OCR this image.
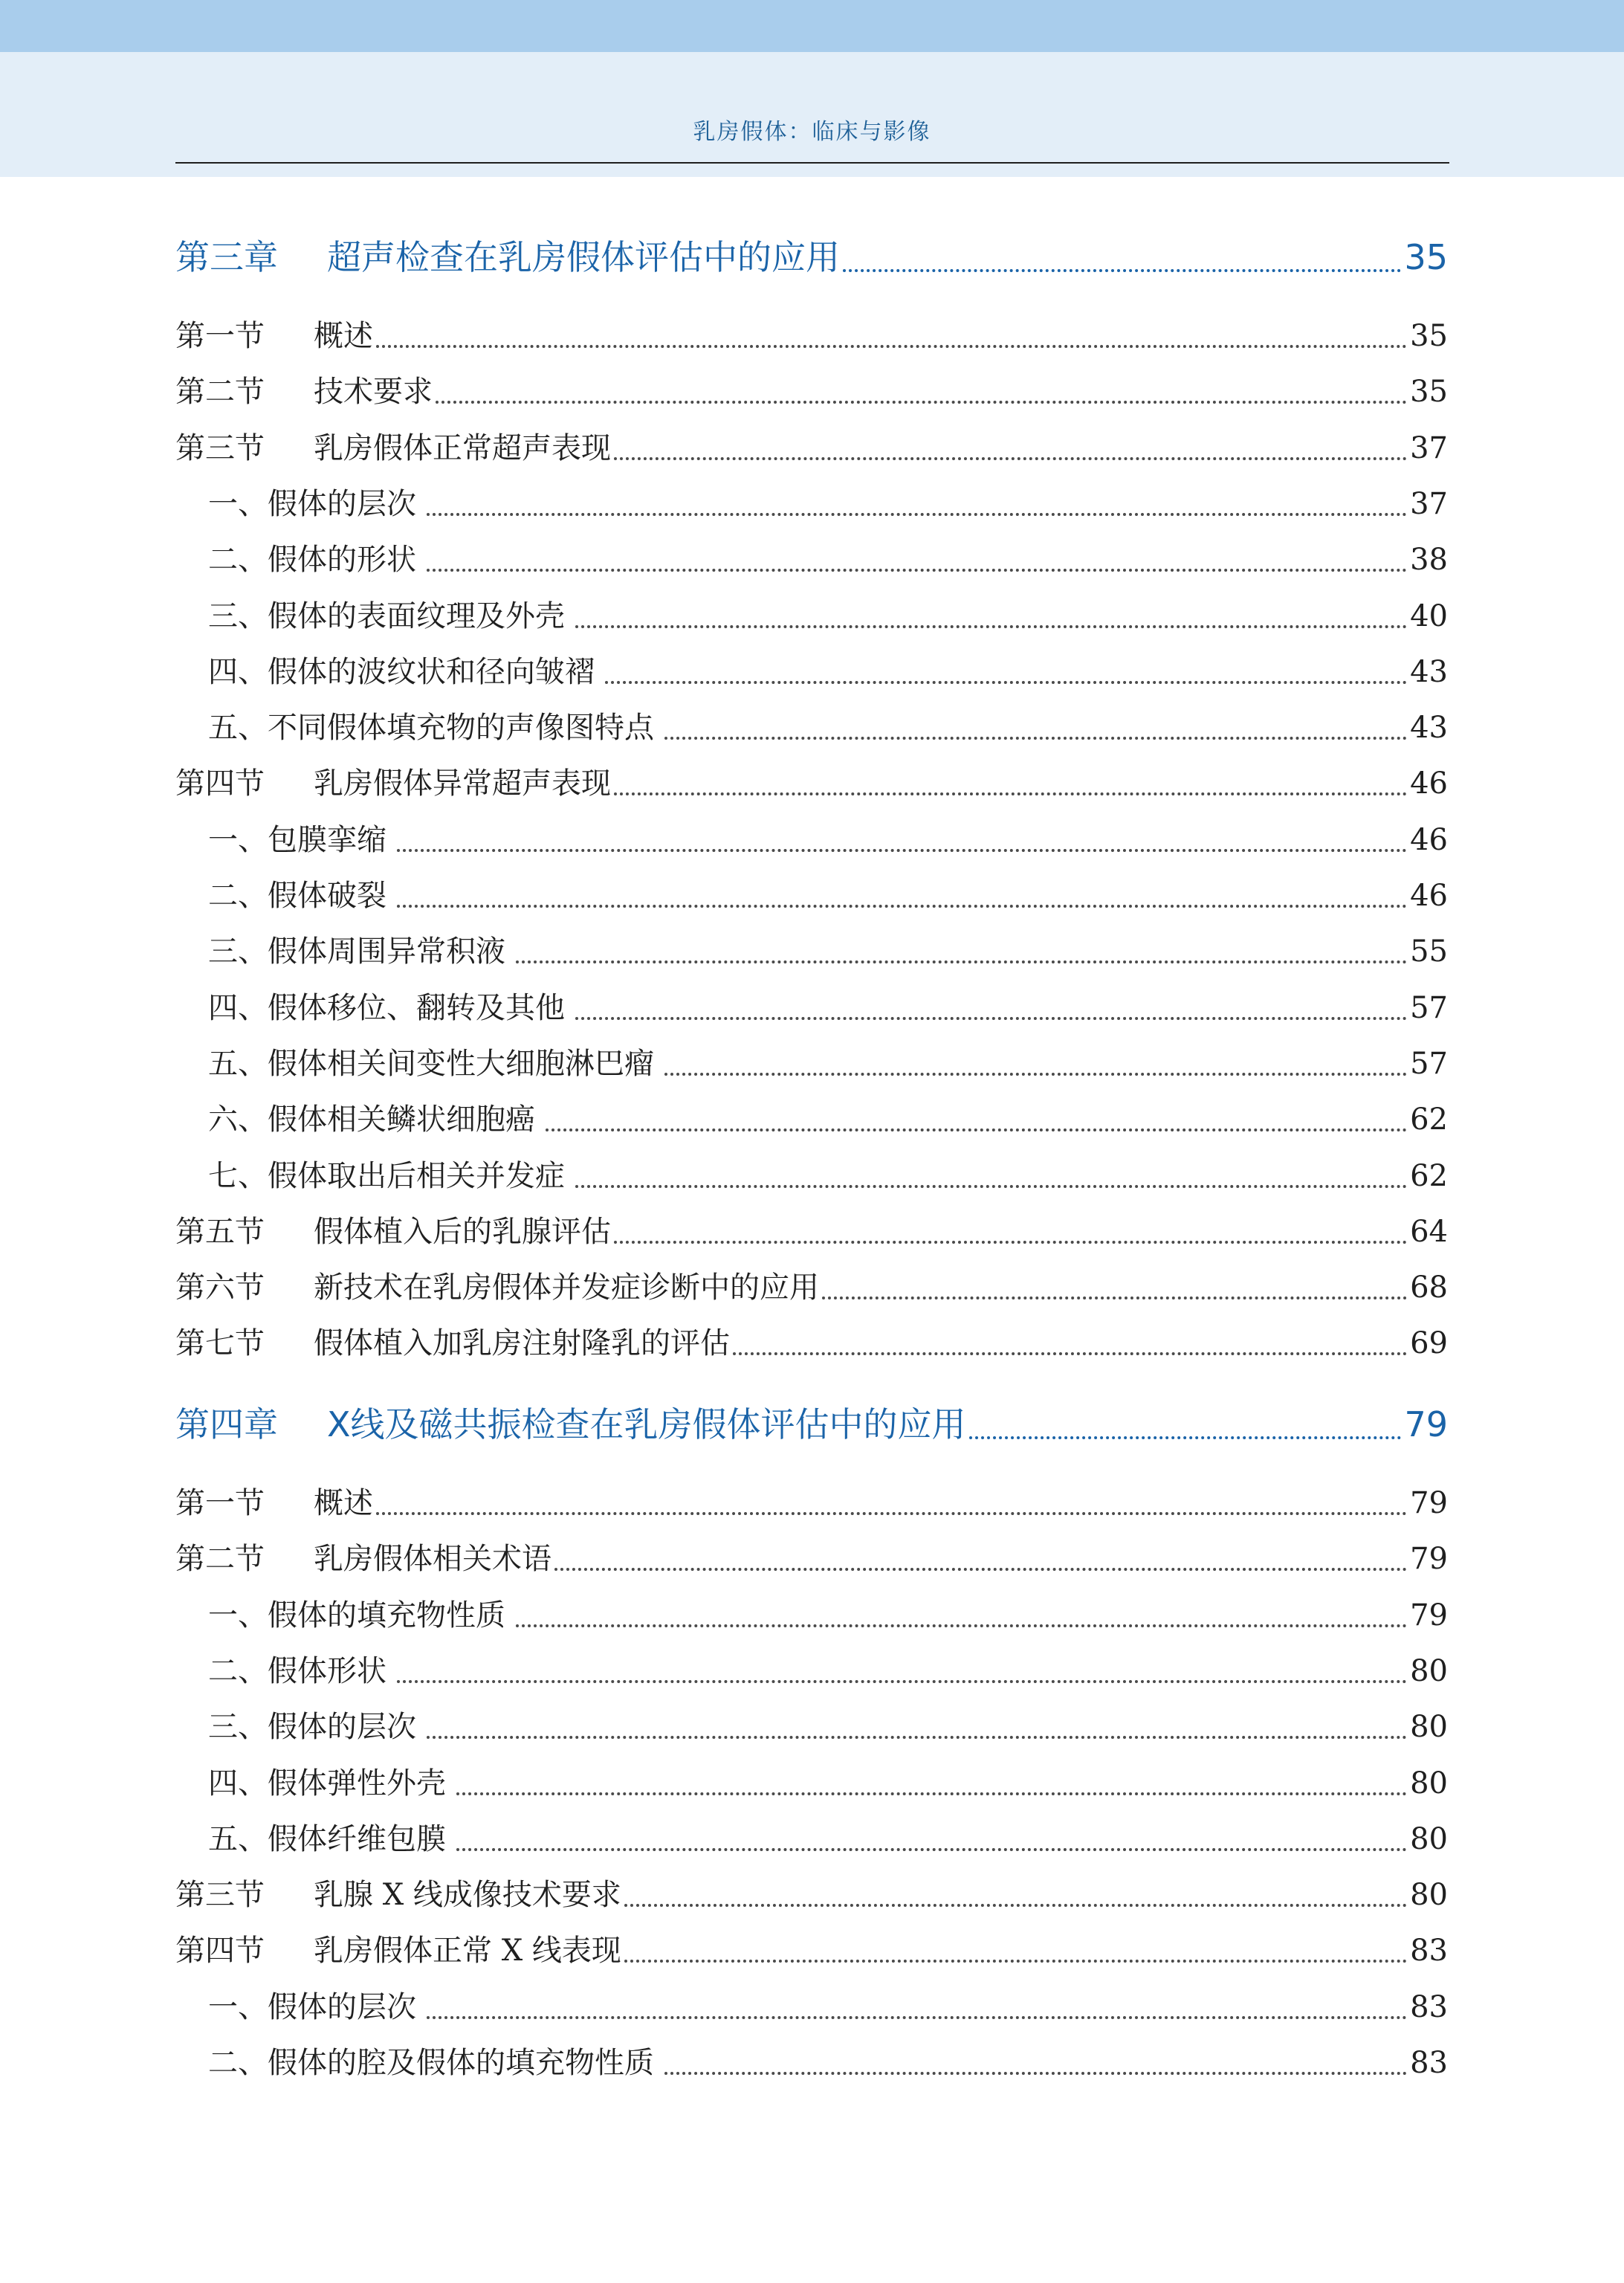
乳房假体：临床与影像
第三章	超声检查在乳房假体评估中的应用	35
第一节	概述	35
第二节	技术要求	35
第三节	乳房假体正常超声表现	37
一、假体的层次	37
二、假体的形状	38
三、假体的表面纹理及外壳	40
四、假体的波纹状和径向皱褶	43
五、不同假体填充物的声像图特点	43
第四节	乳房假体异常超声表现	46
一、包膜挛缩	46
二、假体破裂	46
三、假体周围异常积液	55
四、假体移位、翻转及其他	57
五、假体相关间变性大细胞淋巴瘤	57
六、假体相关鳞状细胞癌	62
七、假体取出后相关并发症	62
第五节	假体植入后的乳腺评估	64
第六节	新技术在乳房假体并发症诊断中的应用	68
第七节	假体植入加乳房注射隆乳的评估	69
第四章	X线及磁共振检查在乳房假体评估中的应用	79
第一节	概述	79
第二节	乳房假体相关术语	79
一、假体的填充物性质	79
二、假体形状	80
三、假体的层次	80
四、假体弹性外壳	80
五、假体纤维包膜	80
第三节	乳腺 X 线成像技术要求	80
第四节	乳房假体正常 X 线表现	83
一、假体的层次	83
二、假体的腔及假体的填充物性质	83
